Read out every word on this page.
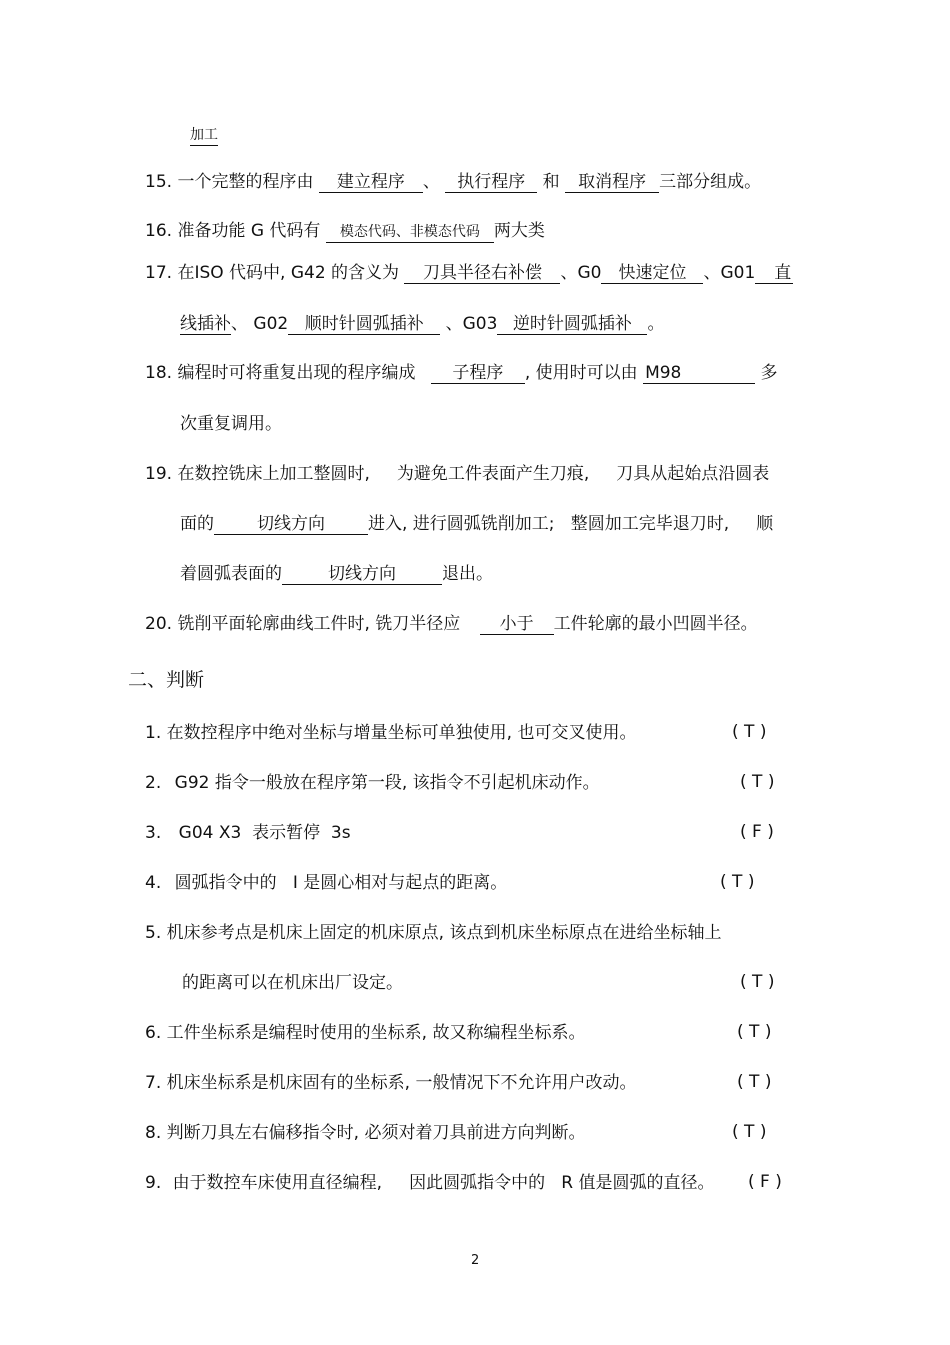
加工
15. 一个完整的程序由 建立程序 、 执行程序 和 取消程序 三部分组成。
16. 准备功能 G 代码有 模态代码、非模态代码 两大类
17. 在ISO 代码中, G42 的含义为 刀具半径右补偿 、G0 快速定位 、G01 直
线插补、 G02 顺时针圆弧插补 、G03 逆时针圆弧插补 。
18. 编程时可将重复出现的程序编成 子程序 , 使用时可以由 M98	多
次重复调用。
19. 在数控铣床上加工整圆时,     为避免工件表面产生刀痕,     刀具从起始点沿圆表
面的	切线方向	进入, 进行圆弧铣削加工;   整圆加工完毕退刀时,     顺
着圆弧表面的	切线方向	退出。
20. 铣削平面轮廓曲线工件时, 铣刀半径应 小于 工件轮廓的最小凹圆半径。
二、判断
1. 在数控程序中绝对坐标与增量坐标可单独使用, 也可交叉使用。	( T )
2. G92 指令一般放在程序第一段, 该指令不引起机床动作。	( T )
3. G04 X3  表示暂停  3s	( F )
4. 圆弧指令中的   I 是圆心相对与起点的距离。	( T )
5. 机床参考点是机床上固定的机床原点, 该点到机床坐标原点在进给坐标轴上
的距离可以在机床出厂设定。	( T )
6. 工件坐标系是编程时使用的坐标系, 故又称编程坐标系。	( T )
7. 机床坐标系是机床固有的坐标系, 一般情况下不允许用户改动。	( T )
8. 判断刀具左右偏移指令时, 必须对着刀具前进方向判断。	( T )
9. 由于数控车床使用直径编程,     因此圆弧指令中的   R 值是圆弧的直径。 ( F )
2
